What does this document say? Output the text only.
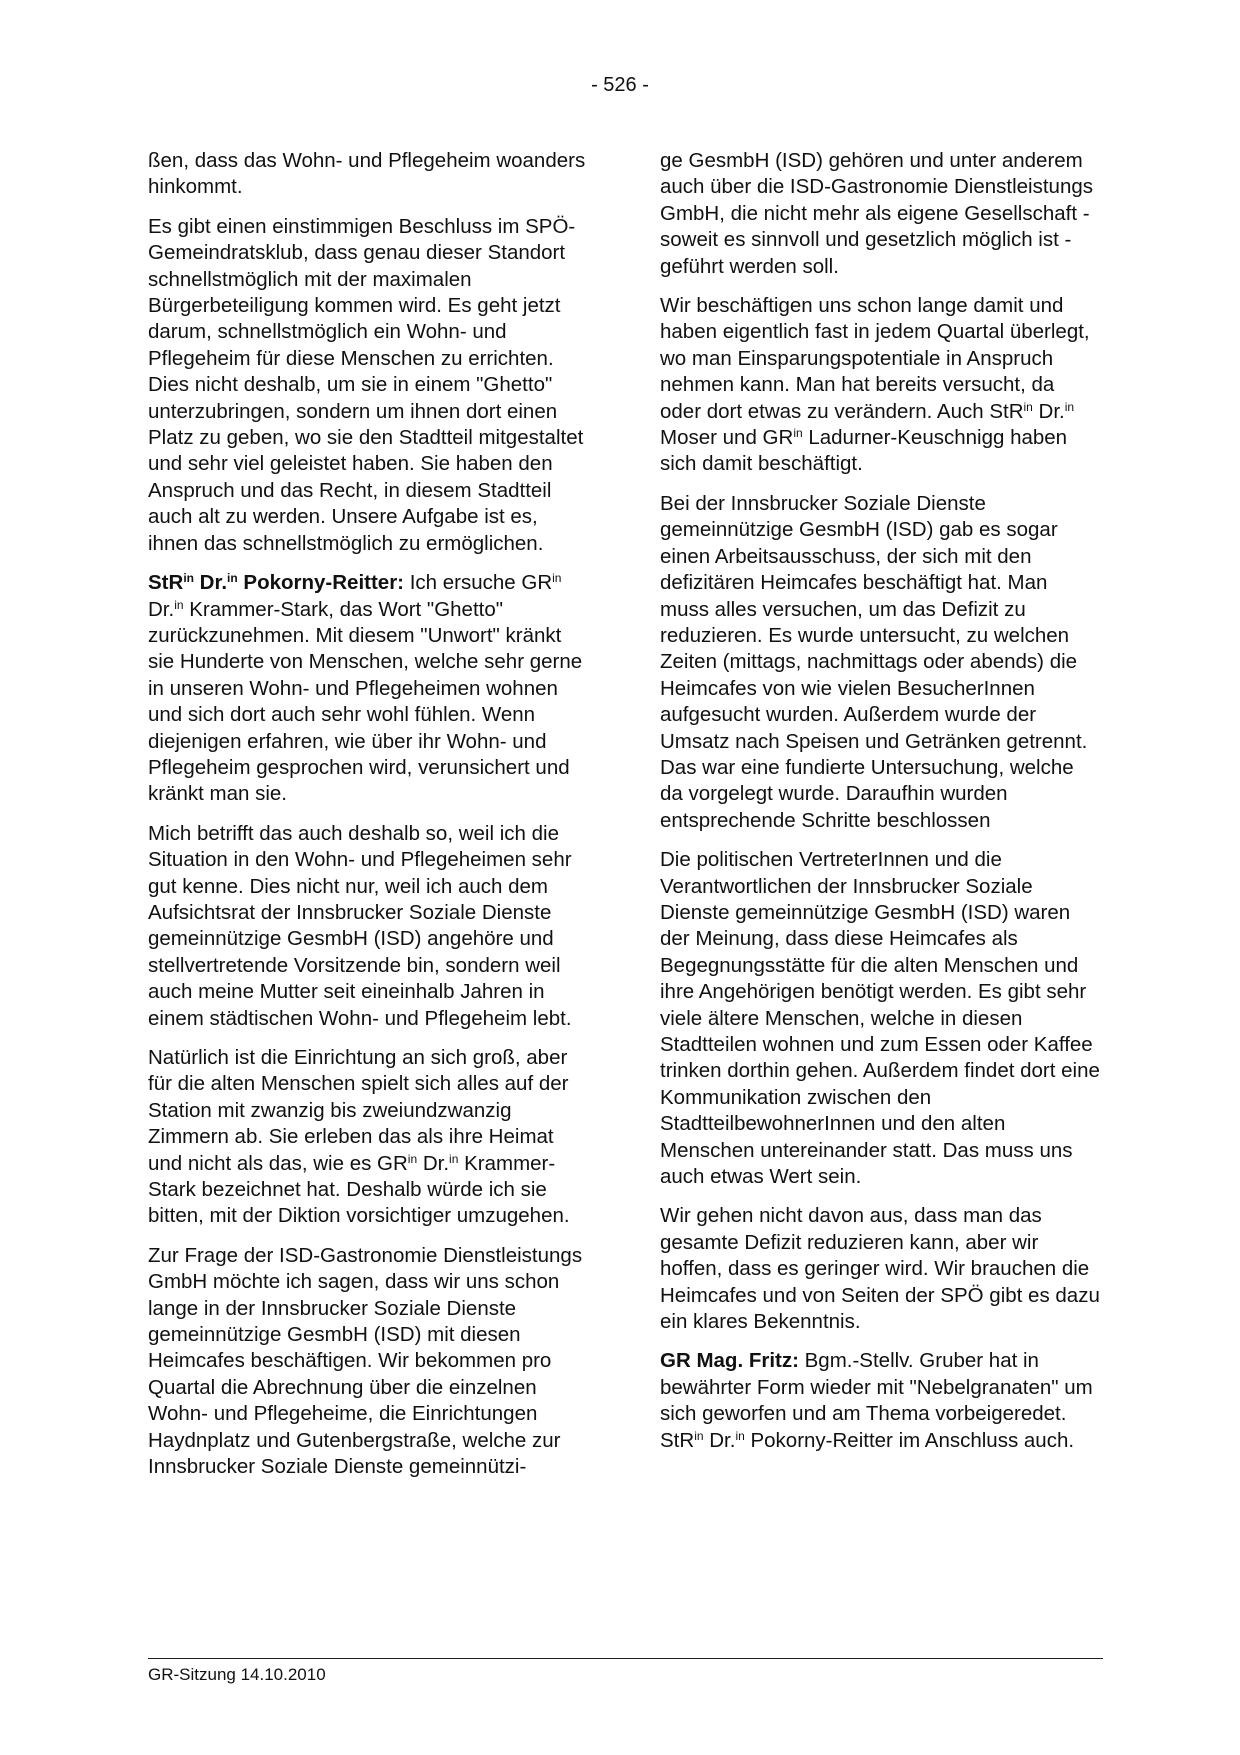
- 526 -

ßen, dass das Wohn- und Pflegeheim woanders hinkommt.

Es gibt einen einstimmigen Beschluss im SPÖ-Gemeindratsklub, dass genau dieser Standort schnellstmöglich mit der maximalen Bürgerbeteiligung kommen wird. Es geht jetzt darum, schnellstmöglich ein Wohn- und Pflegeheim für diese Menschen zu errichten. Dies nicht deshalb, um sie in einem "Ghetto" unterzubringen, sondern um ihnen dort einen Platz zu geben, wo sie den Stadtteil mitgestaltet und sehr viel geleistet haben. Sie haben den Anspruch und das Recht, in diesem Stadtteil auch alt zu werden. Unsere Aufgabe ist es, ihnen das schnellstmöglich zu ermöglichen.

StR$^{in}$ Dr.$^{in}$ Pokorny-Reitter: Ich ersuche $GR^{in}$ Dr.$^{in}$ Krammer-Stark, das Wort "Ghetto" zurückzunehmen. Mit diesem "Unwort" kränkt sie Hunderte von Menschen, welche sehr gerne in unseren Wohn- und Pflegeheimen wohnen und sich dort auch sehr wohl fühlen. Wenn diejenigen erfahren, wie über ihr Wohn- und Pflegeheim gesprochen wird, verunsichert und kränkt man sie.

Mich betrifft das auch deshalb so, weil ich die Situation in den Wohn- und Pflegeheimen sehr gut kenne. Dies nicht nur, weil ich auch dem Aufsichtsrat der Innsbrucker Soziale Dienste gemeinnützige GesmbH (ISD) angehöre und stellvertretende Vorsitzende bin, sondern weil auch meine Mutter seit eineinhalb Jahren in einem städtischen Wohn- und Pflegeheim lebt.

Natürlich ist die Einrichtung an sich groß, aber für die alten Menschen spielt sich alles auf der Station mit zwanzig bis zweiundzwanzig Zimmern ab. Sie erleben das als ihre Heimat und nicht als das, wie es $GR^{in}$ Dr.$^{in}$ Krammer-Stark bezeichnet hat. Deshalb würde ich sie bitten, mit der Diktion vorsichtiger umzugehen.

Zur Frage der ISD-Gastronomie Dienstleistungs GmbH möchte ich sagen, dass wir uns schon lange in der Innsbrucker Soziale Dienste gemeinnützige GesmbH (ISD) mit diesen Heimcafes beschäftigen. Wir bekommen pro Quartal die Abrechnung über die einzelnen Wohn- und Pflegeheime, die Einrichtungen Haydnplatz und Gutenbergstraße, welche zur Innsbrucker Soziale Dienste gemeinnützi-

ge GesmbH (ISD) gehören und unter anderem auch über die ISD-Gastronomie Dienstleistungs GmbH, die nicht mehr als eigene Gesellschaft - soweit es sinnvoll und gesetzlich möglich ist - geführt werden soll.

Wir beschäftigen uns schon lange damit und haben eigentlich fast in jedem Quartal überlegt, wo man Einsparungspotentiale in Anspruch nehmen kann. Man hat bereits versucht, da oder dort etwas zu verändern. Auch StR$^{in}$ Dr.$^{in}$ Moser und $GR^{in}$ Ladurner-Keuschnigg haben sich damit beschäftigt.

Bei der Innsbrucker Soziale Dienste gemeinnützige GesmbH (ISD) gab es sogar einen Arbeitsausschuss, der sich mit den defizitären Heimcafes beschäftigt hat. Man muss alles versuchen, um das Defizit zu reduzieren. Es wurde untersucht, zu welchen Zeiten (mittags, nachmittags oder abends) die Heimcafes von wie vielen BesucherInnen aufgesucht wurden. Außerdem wurde der Umsatz nach Speisen und Getränken getrennt. Das war eine fundierte Untersuchung, welche da vorgelegt wurde. Daraufhin wurden entsprechende Schritte beschlossen

Die politischen VertreterInnen und die Verantwortlichen der Innsbrucker Soziale Dienste gemeinnützige GesmbH (ISD) waren der Meinung, dass diese Heimcafes als Begegnungsstätte für die alten Menschen und ihre Angehörigen benötigt werden. Es gibt sehr viele ältere Menschen, welche in diesen Stadtteilen wohnen und zum Essen oder Kaffee trinken dorthin gehen. Außerdem findet dort eine Kommunikation zwischen den StadtteilbewohnerInnen und den alten Menschen untereinander statt. Das muss uns auch etwas Wert sein.

Wir gehen nicht davon aus, dass man das gesamte Defizit reduzieren kann, aber wir hoffen, dass es geringer wird. Wir brauchen die Heimcafes und von Seiten der SPÖ gibt es dazu ein klares Bekenntnis.

GR Mag. Fritz: Bgm.-Stellv. Gruber hat in bewährter Form wieder mit "Nebelgranaten" um sich geworfen und am Thema vorbeigeredet. StR$^{in}$ Dr.$^{in}$ Pokorny-Reitter im Anschluss auch.

GR-Sitzung 14.10.2010
